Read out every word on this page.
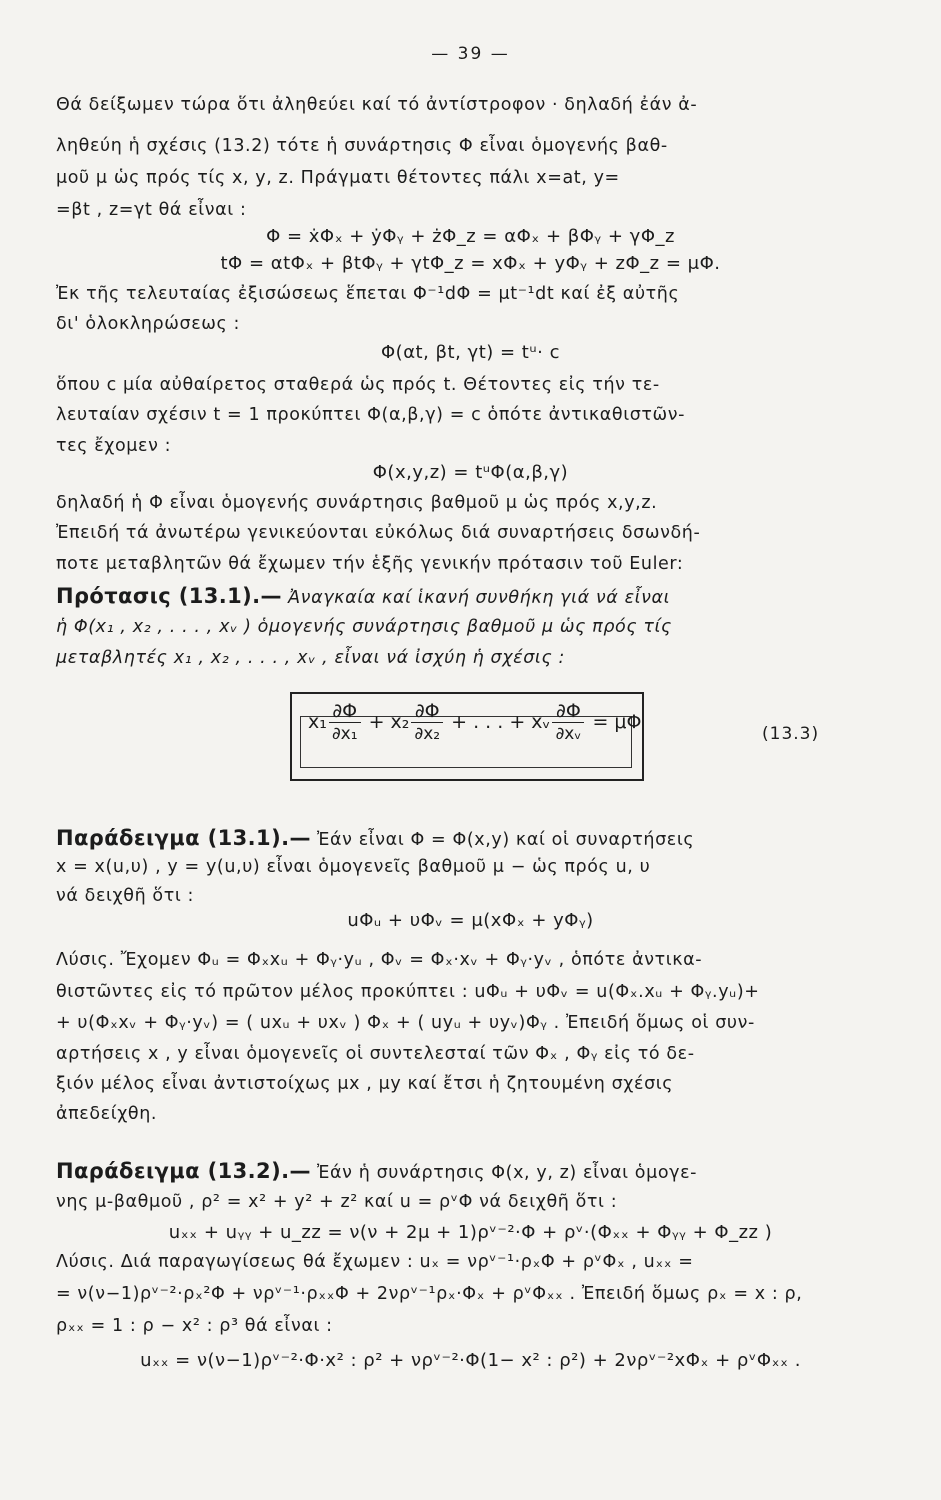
— 39 —
Θά δείξωμεν τώρα ὅτι ἀληθεύει καί τό ἀντίστροφον · δηλαδή ἐάν ἀ-
ληθεύη ἡ σχέσις (13.2) τότε ἡ συνάρτησις Φ εἶναι ὁμογενής βαθ-
μοῦ μ ὡς πρός τίς x, y, z. Πράγματι θέτοντες πάλι x=at, y=
=βt , z=γt θά εἶναι :
Φ = ẋΦₓ + ẏΦᵧ + żΦ_z = αΦₓ + βΦᵧ + γΦ_z
tΦ = αtΦₓ + βtΦᵧ + γtΦ_z = xΦₓ + yΦᵧ + zΦ_z = μΦ.
Ἐκ τῆς τελευταίας ἐξισώσεως ἕπεται Φ⁻¹dΦ = μt⁻¹dt καί ἐξ αὐτῆς
δι' ὁλοκληρώσεως :
Φ(αt, βt, γt) = tᵘ· c
ὅπου c μία αὐθαίρετος σταθερά ὡς πρός t. Θέτοντες εἰς τήν τε-
λευταίαν σχέσιν t = 1 προκύπτει Φ(α,β,γ) = c ὁπότε ἀντικαθιστῶν-
τες ἔχομεν :
Φ(x,y,z) = tᵘΦ(α,β,γ)
δηλαδή ἡ Φ εἶναι ὁμογενής συνάρτησις βαθμοῦ μ ὡς πρός x,y,z.
Ἐπειδή τά ἀνωτέρω γενικεύονται εὐκόλως διά συναρτήσεις δσωνδή-
ποτε μεταβλητῶν θά ἔχωμεν τήν ἑξῆς γενικήν πρότασιν τοῦ Euler:
Πρότασις (13.1).— Ἀναγκαία καί ἱκανή συνθήκη γιά νά εἶναι
ἡ Φ(x₁ , x₂ , . . . , xᵥ ) ὁμογενής συνάρτησις βαθμοῦ μ ὡς πρός τίς
μεταβλητές x₁ , x₂ , . . . , xᵥ , εἶναι νά ἰσχύη ἡ σχέσις :
$x_1 \frac{\partial\Phi}{\text{∂x₁}} + x_2 \frac{\partial\Phi}{\text{∂x₂}}$ + . . . + xᵥ $\frac{\partial\Phi}{\text{∂xᵥ}} = \mu\Phi$
(13.3)
Παράδειγμα (13.1).— Ἐάν εἶναι Φ = Φ(x,y) καί οἱ συναρτήσεις
x = x(u,υ) , y = y(u,υ) εἶναι ὁμογενεῖς βαθμοῦ μ − ὡς πρός u, υ
νά δειχθῆ ὅτι :
uΦᵤ + υΦᵥ = μ(xΦₓ + yΦᵧ)
Λύσις. Ἔχομεν Φᵤ = Φₓxᵤ + Φᵧ·yᵤ , Φᵥ = Φₓ·xᵥ + Φᵧ·yᵥ , ὁπότε ἀντικα-
θιστῶντες εἰς τό πρῶτον μέλος προκύπτει : uΦᵤ + υΦᵥ = u(Φₓ.xᵤ + Φᵧ.yᵤ)+
+ υ(Φₓxᵥ + Φᵧ·yᵥ) = ( uxᵤ + υxᵥ ) Φₓ + ( uyᵤ + υyᵥ)Φᵧ . Ἐπειδή ὅμως οἱ συν-
αρτήσεις x , y εἶναι ὁμογενεῖς οἱ συντελεσταί τῶν Φₓ , Φᵧ εἰς τό δε-
ξιόν μέλος εἶναι ἀντιστοίχως μx , μy καί ἔτσι ἡ ζητουμένη σχέσις
ἀπεδείχθη.
Παράδειγμα (13.2).— Ἐάν ἡ συνάρτησις Φ(x, y, z) εἶναι ὁμογε-
νης μ-βαθμοῦ , ρ² = x² + y² + z² καί u = ρᵛΦ νά δειχθῆ ὅτι :
uₓₓ + uᵧᵧ + u_zz = ν(ν + 2μ + 1)ρᵛ⁻²·Φ + ρᵛ·(Φₓₓ + Φᵧᵧ + Φ_zz )
Λύσις. Διά παραγωγίσεως θά ἔχωμεν : uₓ = νρᵛ⁻¹·ρₓΦ + ρᵛΦₓ , uₓₓ =
= ν(ν−1)ρᵛ⁻²·ρₓ²Φ + νρᵛ⁻¹·ρₓₓΦ + 2νρᵛ⁻¹ρₓ·Φₓ + ρᵛΦₓₓ . Ἐπειδή ὅμως ρₓ = x : ρ,
ρₓₓ = 1 : ρ − x² : ρ³ θά εἶναι :
uₓₓ = ν(ν−1)ρᵛ⁻²·Φ·x² : ρ² + νρᵛ⁻²·Φ(1− x² : ρ²) + 2νρᵛ⁻²xΦₓ + ρᵛΦₓₓ .
